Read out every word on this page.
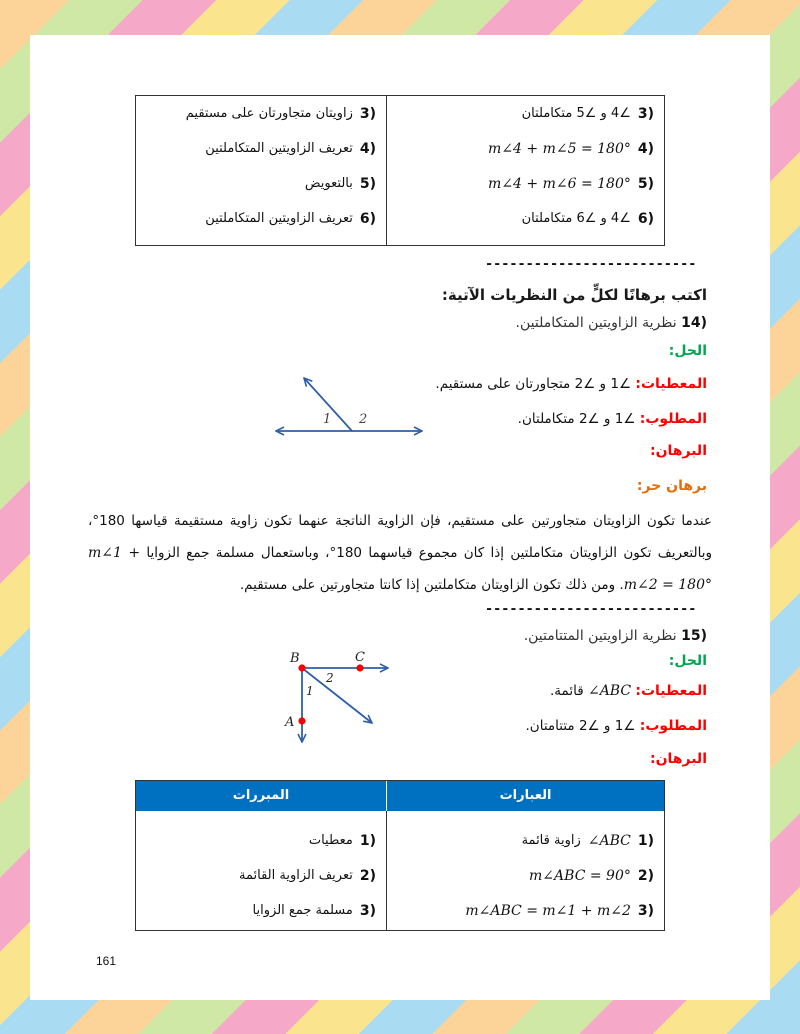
3)
زاويتان متجاورتان على مستقيم
4)
تعريف الزاويتين المتكاملتين
5)
بالتعويض
6)
تعريف الزاويتين المتكاملتين
3)
∠4 و ∠5 متكاملتان
4)
m∠4 + m∠5 = 180°
5)
m∠4 + m∠6 = 180°
6)
∠4 و ∠6 متكاملتان
--------------------------
اكتب برهانًا لكلٍّ من النظريات الآتية:
14) نظرية الزاويتين المتكاملتين.
الحل:
المعطيات: ∠1 و ∠2 متجاورتان على مستقيم.
المطلوب: ∠1 و ∠2 متكاملتان.
البرهان:
برهان حر:

عندما تكون الزاويتان متجاورتين على مستقيم، فإن الزاوية الناتجة عنهما تكون زاوية مستقيمة قياسها 180°، وبالتعريف تكون الزاويتان متكاملتين إذا كان مجموع قياسهما 180°، وباستعمال مسلمة جمع الزوايا m∠1 + m∠2 = 180°. ومن ذلك تكون الزاويتان متكاملتين إذا كانتا متجاورتين على مستقيم.

1 2
--------------------------
15) نظرية الزاويتين المتتامتين.
الحل:
المعطيات: ∠ABC قائمة.
المطلوب: ∠1 و ∠2 متتامتان.
البرهان:
B	C
A
1
2
المبررات	العبارات
1)
معطيات
2)
تعريف الزاوية القائمة
3)
مسلمة جمع الزوايا
1)
∠ABC
زاوية قائمة
2)
m∠ABC = 90°
3)
m∠ABC = m∠1 + m∠2
161
